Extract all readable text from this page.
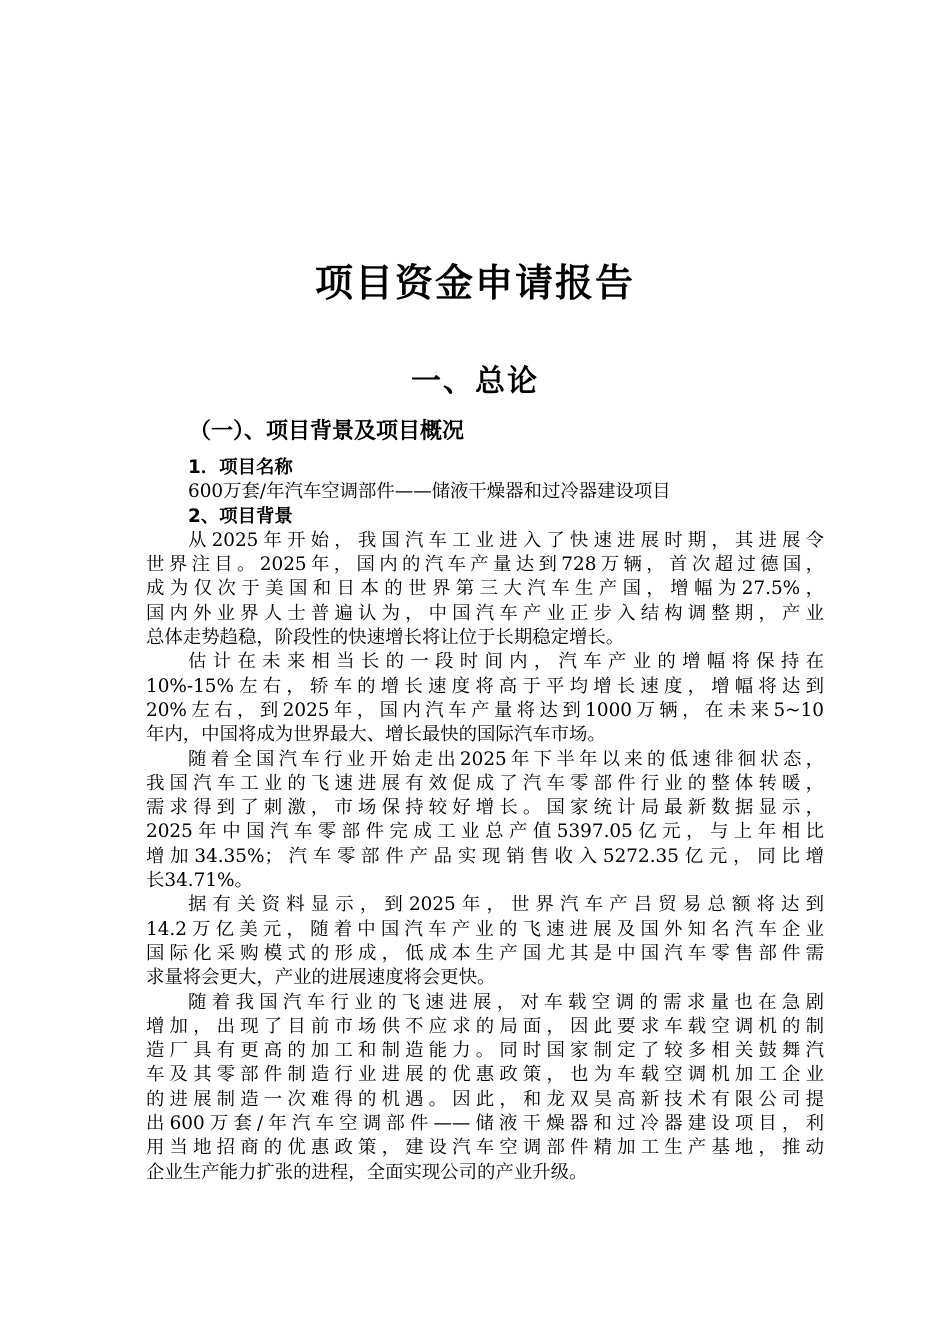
项目资金申请报告
一、总论
（一）、项目背景及项目概况

1．项目名称

600万套/年汽车空调部件——储液干燥器和过冷器建设项目

2、项目背景

从2025年开始，我国汽车工业进入了快速进展时期，其进展令
世界注目。2025年，国内的汽车产量达到728万辆，首次超过德国，
成为仅次于美国和日本的世界第三大汽车生产国，增幅为27.5%，
国内外业界人士普遍认为，中国汽车产业正步入结构调整期，产业
总体走势趋稳，阶段性的快速增长将让位于长期稳定增长。
估计在未来相当长的一段时间内，汽车产业的增幅将保持在
10%-15%左右，轿车的增长速度将高于平均增长速度，增幅将达到
20%左右，到2025年，国内汽车产量将达到1000万辆，在未来5~10
年内，中国将成为世界最大、增长最快的国际汽车市场。
随着全国汽车行业开始走出2025年下半年以来的低速徘徊状态，
我国汽车工业的飞速进展有效促成了汽车零部件行业的整体转暖，
需求得到了刺激，市场保持较好增长。国家统计局最新数据显示，
2025年中国汽车零部件完成工业总产值5397.05亿元，与上年相比
增加34.35%；汽车零部件产品实现销售收入5272.35亿元，同比增
长34.71%。
据有关资料显示，到2025年，世界汽车产吕贸易总额将达到
14.2万亿美元，随着中国汽车产业的飞速进展及国外知名汽车企业
国际化采购模式的形成，低成本生产国尤其是中国汽车零售部件需
求量将会更大，产业的进展速度将会更快。
随着我国汽车行业的飞速进展，对车载空调的需求量也在急剧
增加，出现了目前市场供不应求的局面，因此要求车载空调机的制
造厂具有更高的加工和制造能力。同时国家制定了较多相关鼓舞汽
车及其零部件制造行业进展的优惠政策，也为车载空调机加工企业
的进展制造一次难得的机遇。因此，和龙双昊高新技术有限公司提
出600万套/年汽车空调部件——储液干燥器和过冷器建设项目，利
用当地招商的优惠政策，建设汽车空调部件精加工生产基地，推动
企业生产能力扩张的进程，全面实现公司的产业升级。
